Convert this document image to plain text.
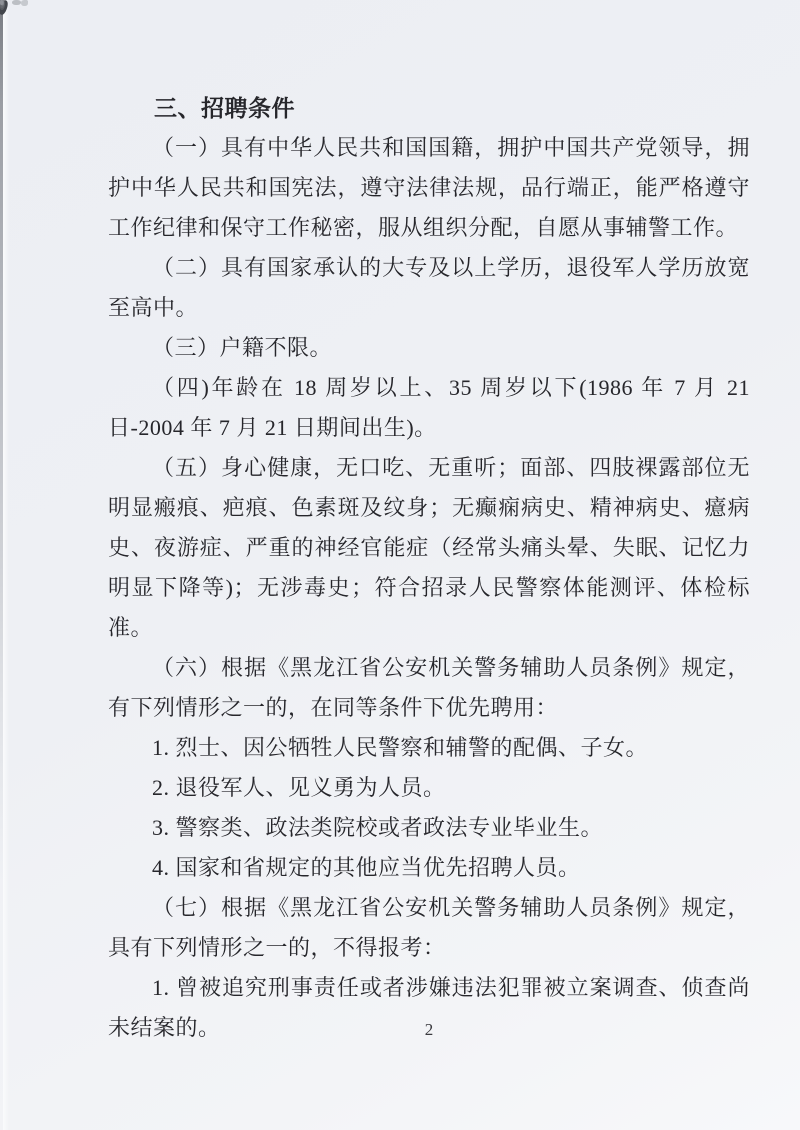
三、招聘条件

（一）具有中华人民共和国国籍，拥护中国共产党领导，拥护中华人民共和国宪法，遵守法律法规，品行端正，能严格遵守工作纪律和保守工作秘密，服从组织分配，自愿从事辅警工作。

（二）具有国家承认的大专及以上学历，退役军人学历放宽至高中。

（三）户籍不限。

（四)年龄在 18 周岁以上、35 周岁以下(1986 年 7 月 21 日-2004 年 7 月 21 日期间出生)。

（五）身心健康，无口吃、无重听；面部、四肢裸露部位无明显瘢痕、疤痕、色素斑及纹身；无癫痫病史、精神病史、癔病史、夜游症、严重的神经官能症（经常头痛头晕、失眠、记忆力明显下降等)；无涉毒史；符合招录人民警察体能测评、体检标准。

（六）根据《黑龙江省公安机关警务辅助人员条例》规定，有下列情形之一的，在同等条件下优先聘用：

1. 烈士、因公牺牲人民警察和辅警的配偶、子女。

2. 退役军人、见义勇为人员。

3. 警察类、政法类院校或者政法专业毕业生。

4. 国家和省规定的其他应当优先招聘人员。

（七）根据《黑龙江省公安机关警务辅助人员条例》规定，具有下列情形之一的，不得报考：

1. 曾被追究刑事责任或者涉嫌违法犯罪被立案调查、侦查尚未结案的。	2
